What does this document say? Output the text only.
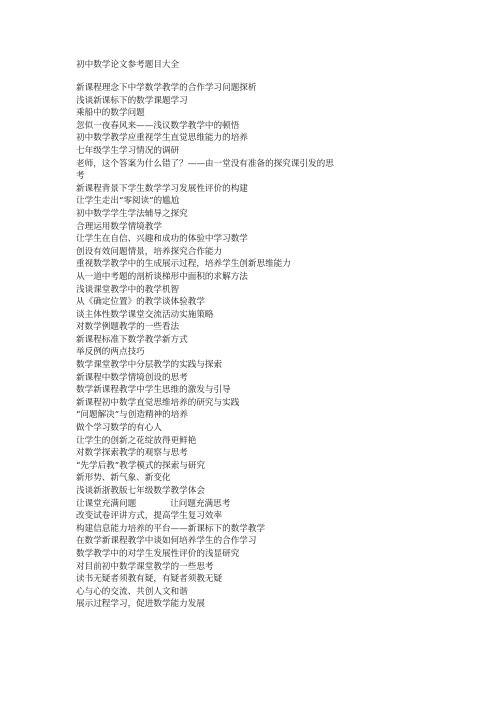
初中数学论文参考题目大全
新课程理念下中学数学教学的合作学习问题探析
浅谈新课标下的数学课题学习
乘船中的数学问题
忽似一夜春风来——浅议数学教学中的顿悟
初中数学教学应重视学生直觉思维能力的培养
七年级学生学习情况的调研
老师，这个答案为什么错了？——由一堂没有准备的探究课引发的思
考
新课程背景下学生数学学习发展性评价的构建
让学生走出“零阅读”的尴尬
初中数学学生学法辅导之探究
合理运用数学情境教学
让学生在自信、兴趣和成功的体验中学习数学
创设有效问题情景，培养探究合作能力
重视数学教学中的生成展示过程，培养学生创新思维能力
从一道中考题的剖析谈梯形中面积的求解方法
浅谈课堂教学中的教学机智
从《确定位置》的教学谈体验教学
谈主体性数学课堂交流活动实施策略
对数学例题教学的一些看法
新课程标准下数学教学新方式
举反例的两点技巧
数学课堂教学中分层教学的实践与探索
新课程中数学情境创设的思考
数学新课程教学中学生思维的激发与引导
新课程初中数学直觉思维培养的研究与实践
“问题解决”与创造精神的培养
做个学习数学的有心人
让学生的创新之花绽放得更鲜艳
对数学探索教学的观察与思考
“先学后教”教学模式的探索与研究
新形势、新气象、新变化
浅谈新浙教版七年级数学教学体会
让课堂充满问题	让问题充满思考
改变试卷评讲方式，提高学生复习效率
构建信息能力培养的平台——新课标下的数学教学
在数学新课程教学中谈如何培养学生的合作学习
数学教学中的对学生发展性评价的浅显研究
对目前初中数学课堂教学的一些思考
读书无疑者须教有疑，有疑者须教无疑
心与心的交流、共创人文和谐
展示过程学习，促进数学能力发展
